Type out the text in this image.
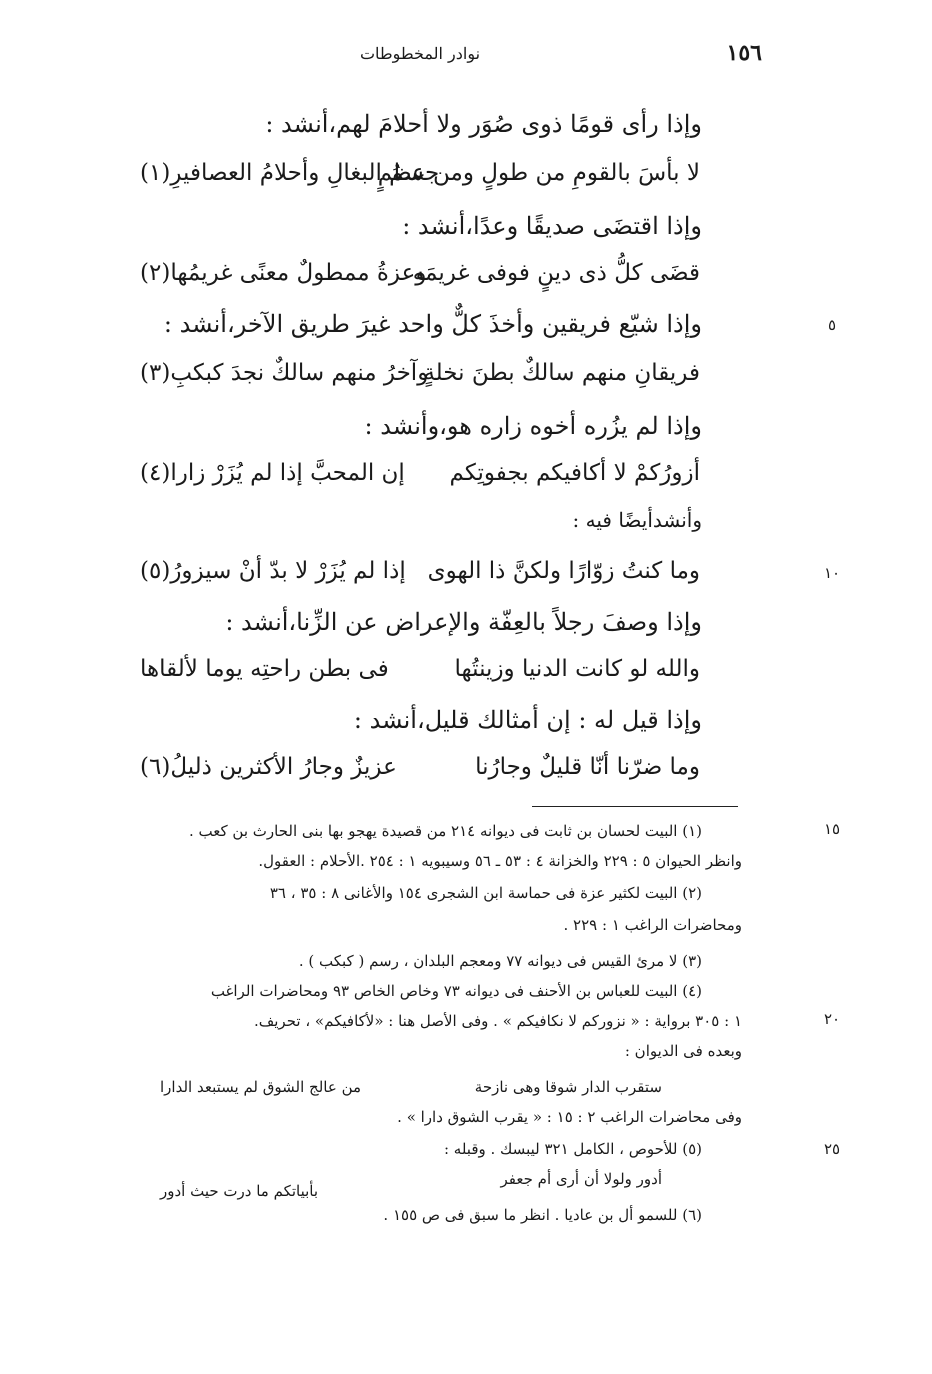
نوادر المخطوطات	١٥٦
وإذا رأى قومًا ذوى صُوَر ولا أحلامَ لهم،أنشد :
لا بأسَ بالقومِ من طولٍ ومن عظمٍ
جسمُ البغالِ وأحلامُ العصافيرِ(١)
وإذا اقتضَى صديقًا وعدًا،أنشد :
قضَى كلُّ ذى دينٍ فوفى غريمَه
وعزةُ ممطولٌ معنًى غريمُها(٢)
وإذا شيّع فريقين وأخذَ كلٌّ واحد غيرَ طريق الآخر،أنشد :
فريقانِ منهم سالكٌ بطنَ نخلةٍ
وآخرُ منهم سالكٌ نجدَ كبكبِ(٣)
وإذا لم يزُره أخوه زاره هو،وأنشد :
أزورُكمْ لا أكافيكم بجفوتِكم
إن المحبَّ إذا لم يُزَرْ زارا(٤)
وأنشدأيضًا فيه :
وما كنتُ زوّارًا ولكنَّ ذا الهوى
إذا لم يُزَرْ لا بدّ أنْ سيزورُ(٥)
وإذا وصفَ رجلاً بالعِفّة والإعراض عن الزِّنا،أنشد :
والله لو كانت الدنيا وزينتُها
فى بطن راحتِه يوما لألقاها
وإذا قيل له : إن أمثالك قليل،أنشد :
وما ضرّنا أنّا قليلٌ وجارُنا
عزيزٌ وجارُ الأكثرين ذليلُ(٦)
٥
١٠
١٥
٢٠
٢٥
(١) البيت لحسان بن ثابت فى ديوانه ٢١٤ من قصيدة يهجو بها بنى الحارث بن كعب .
وانظر الحيوان ٥ : ٢٢٩ والخزانة ٤ : ٥٣ ـ ٥٦ وسيبويه ١ : ٢٥٤ .الأحلام : العقول.
(٢) البيت لكثير عزة فى حماسة ابن الشجرى ١٥٤ والأغانى ٨ : ٣٥ ، ٣٦
ومحاضرات الراغب ١ : ٢٢٩ .
(٣) لا مرئ القيس فى ديوانه ٧٧ ومعجم البلدان ، رسم ( كبكب ) .
(٤) البيت للعباس بن الأحنف فى ديوانه ٧٣ وخاص الخاص ٩٣ ومحاضرات الراغب
١ : ٣٠٥ برواية : « نزوركم لا نكافيكم » . وفى الأصل هنا : «لأكافيكم» ، تحريف.
وبعده فى الديوان :
ستقرب الدار شوقا وهى نازحة
من عالج الشوق لم يستبعد الدارا
وفى محاضرات الراغب ٢ : ١٥ : « يقرب الشوق دارا » .
(٥) للأحوص ، الكامل ٣٢١ ليبسك . وقبله :
أدور ولولا أن أرى أم جعفر
بأبياتكم ما درت حيث أدور
(٦) للسمو أل بن عاديا . انظر ما سبق فى ص ١٥٥ .
